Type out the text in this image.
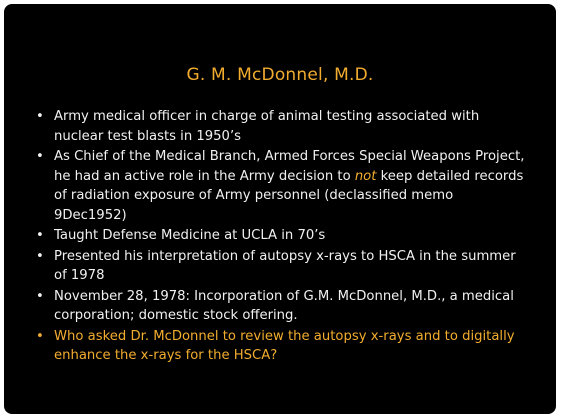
G. M. McDonnel, M.D.
• Army medical officer in charge of animal testing associated with nuclear test blasts in 1950’s
• As Chief of the Medical Branch, Armed Forces Special Weapons Project, he had an active role in the Army decision to not keep detailed records of radiation exposure of Army personnel (declassified memo 9Dec1952)
• Taught Defense Medicine at UCLA in 70’s
• Presented his interpretation of autopsy x-rays to HSCA in the summer of 1978
• November 28, 1978: Incorporation of G.M. McDonnel, M.D., a medical corporation; domestic stock offering.
• Who asked Dr. McDonnel to review the autopsy x-rays and to digitally enhance the x-rays for the HSCA?
